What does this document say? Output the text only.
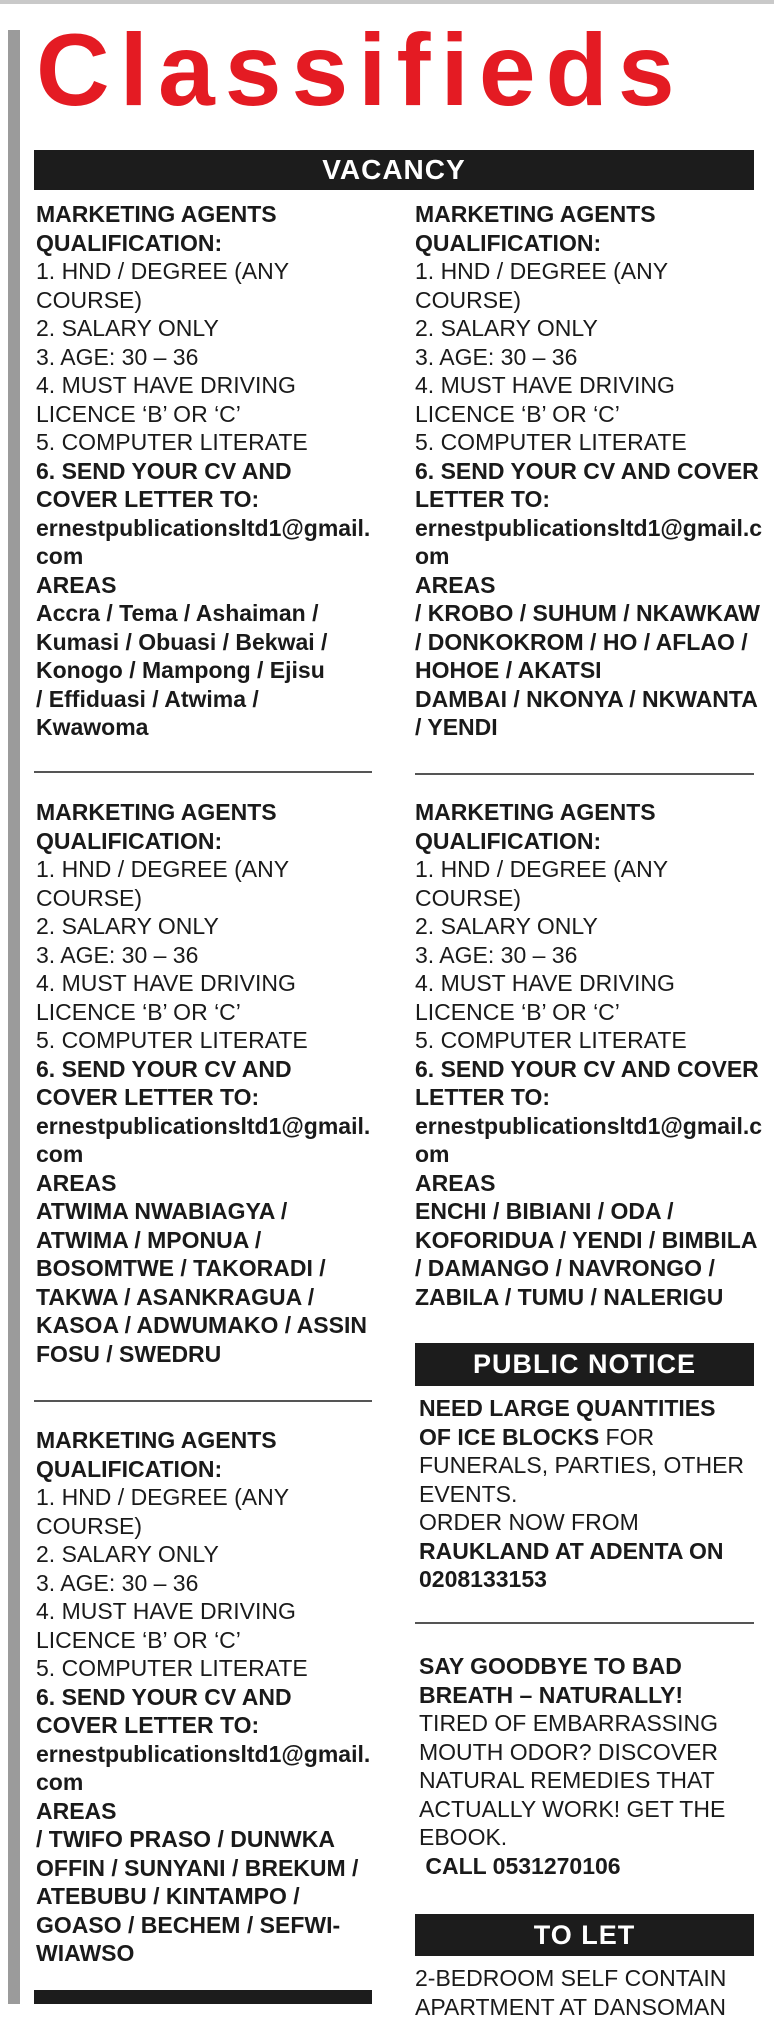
Classifieds
VACANCY

MARKETING AGENTS

QUALIFICATION:

1. HND / DEGREE (ANY

COURSE)

2. SALARY ONLY

3. AGE: 30 – 36

4. MUST HAVE DRIVING

LICENCE ‘B’ OR ‘C’

5. COMPUTER LITERATE

6. SEND YOUR CV AND

COVER LETTER TO:

ernestpublicationsltd1@gmail.

com

AREAS

Accra / Tema / Ashaiman /

Kumasi / Obuasi / Bekwai /

Konogo / Mampong / Ejisu

/ Effiduasi / Atwima /

Kwawoma

MARKETING AGENTS

QUALIFICATION:

1. HND / DEGREE (ANY

COURSE)

2. SALARY ONLY

3. AGE: 30 – 36

4. MUST HAVE DRIVING

LICENCE ‘B’ OR ‘C’

5. COMPUTER LITERATE

6. SEND YOUR CV AND COVER

LETTER TO:

ernestpublicationsltd1@gmail.c

om

AREAS

/ KROBO / SUHUM / NKAWKAW

/ DONKOKROM / HO / AFLAO /

HOHOE / AKATSI

DAMBAI / NKONYA / NKWANTA

/ YENDI

MARKETING AGENTS

QUALIFICATION:

1. HND / DEGREE (ANY

COURSE)

2. SALARY ONLY

3. AGE: 30 – 36

4. MUST HAVE DRIVING

LICENCE ‘B’ OR ‘C’

5. COMPUTER LITERATE

6. SEND YOUR CV AND

COVER LETTER TO:

ernestpublicationsltd1@gmail.

com

AREAS

ATWIMA NWABIAGYA /

ATWIMA / MPONUA /

BOSOMTWE / TAKORADI /

TAKWA / ASANKRAGUA /

KASOA / ADWUMAKO / ASSIN

FOSU / SWEDRU

MARKETING AGENTS

QUALIFICATION:

1. HND / DEGREE (ANY

COURSE)

2. SALARY ONLY

3. AGE: 30 – 36

4. MUST HAVE DRIVING

LICENCE ‘B’ OR ‘C’

5. COMPUTER LITERATE

6. SEND YOUR CV AND COVER

LETTER TO:

ernestpublicationsltd1@gmail.c

om

AREAS

ENCHI / BIBIANI / ODA /

KOFORIDUA / YENDI / BIMBILA

/ DAMANGO / NAVRONGO /

ZABILA / TUMU / NALERIGU

MARKETING AGENTS

QUALIFICATION:

1. HND / DEGREE (ANY

COURSE)

2. SALARY ONLY

3. AGE: 30 – 36

4. MUST HAVE DRIVING

LICENCE ‘B’ OR ‘C’

5. COMPUTER LITERATE

6. SEND YOUR CV AND

COVER LETTER TO:

ernestpublicationsltd1@gmail.

com

AREAS

/ TWIFO PRASO / DUNWKA

OFFIN / SUNYANI / BREKUM /

ATEBUBU / KINTAMPO /

GOASO / BECHEM / SEFWI-

WIAWSO

PUBLIC NOTICE

NEED LARGE QUANTITIES

OF ICE BLOCKS FOR

FUNERALS, PARTIES, OTHER

EVENTS.

ORDER NOW FROM

RAUKLAND AT ADENTA ON

0208133153

SAY GOODBYE TO BAD

BREATH – NATURALLY!

TIRED OF EMBARRASSING

MOUTH ODOR? DISCOVER

NATURAL REMEDIES THAT

ACTUALLY WORK! GET THE

EBOOK.

CALL 0531270106

TO LET

2-BEDROOM SELF CONTAIN

APARTMENT AT DANSOMAN
